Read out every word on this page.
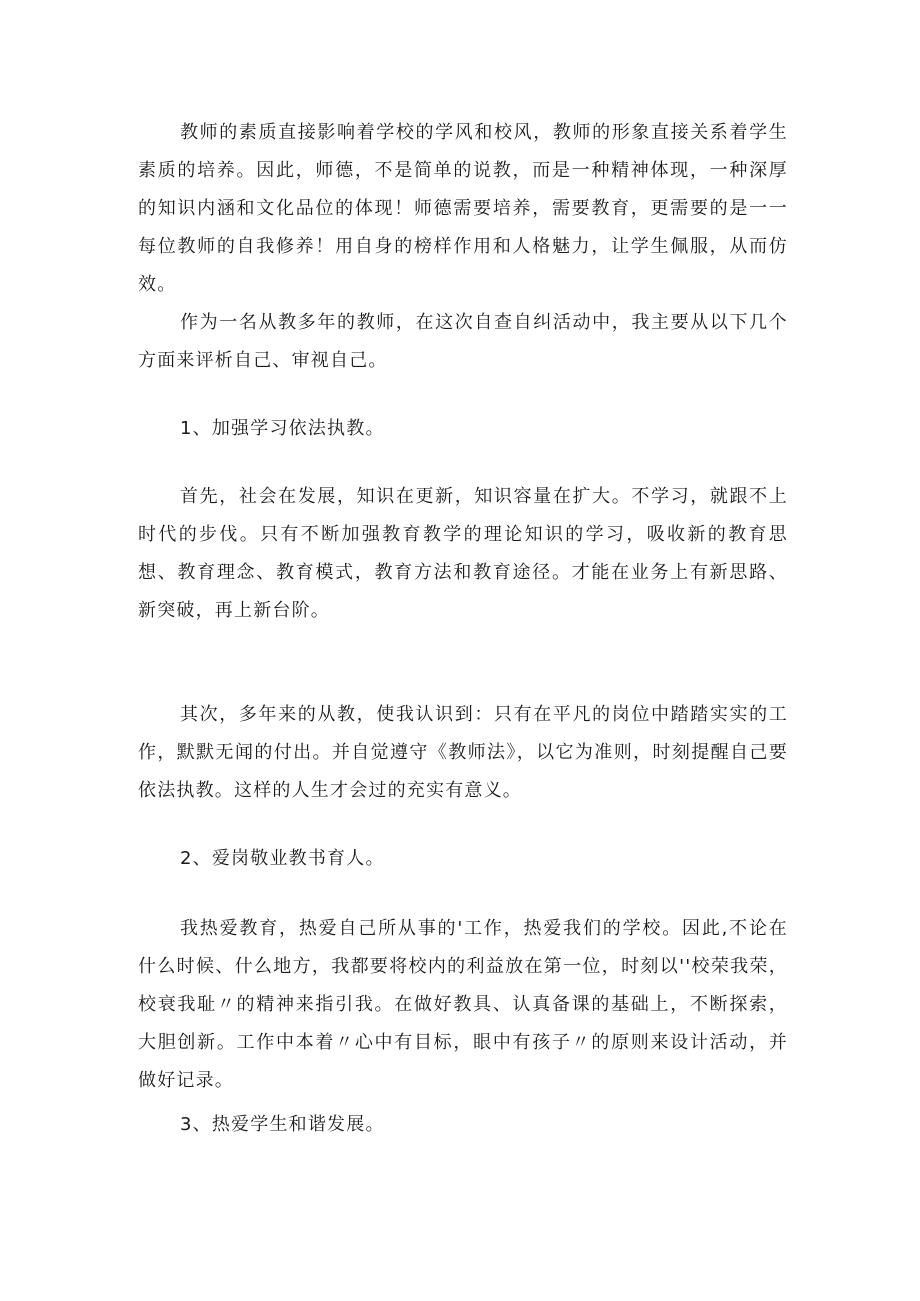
教师的素质直接影响着学校的学风和校风，教师的形象直接关系着学生素质的培养。因此，师德，不是简单的说教，而是一种精神体现，一种深厚的知识内涵和文化品位的体现！师德需要培养，需要教育，更需要的是一一每位教师的自我修养！用自身的榜样作用和人格魅力，让学生佩服，从而仿效。

作为一名从教多年的教师，在这次自查自纠活动中，我主要从以下几个方面来评析自己、审视自己。

1、加强学习依法执教。

首先，社会在发展，知识在更新，知识容量在扩大。不学习，就跟不上时代的步伐。只有不断加强教育教学的理论知识的学习，吸收新的教育思想、教育理念、教育模式，教育方法和教育途径。才能在业务上有新思路、新突破，再上新台阶。

其次，多年来的从教，使我认识到：只有在平凡的岗位中踏踏实实的工作，默默无闻的付出。并自觉遵守《教师法》，以它为准则，时刻提醒自己要依法执教。这样的人生才会过的充实有意义。

2、爱岗敬业教书育人。

我热爱教育，热爱自己所从事的'工作，热爱我们的学校。因此,不论在什么时候、什么地方，我都要将校内的利益放在第一位，时刻以''校荣我荣，校衰我耻〃的精神来指引我。在做好教具、认真备课的基础上，不断探索，大胆创新。工作中本着〃心中有目标，眼中有孩子〃的原则来设计活动，并做好记录。

3、热爱学生和谐发展。
